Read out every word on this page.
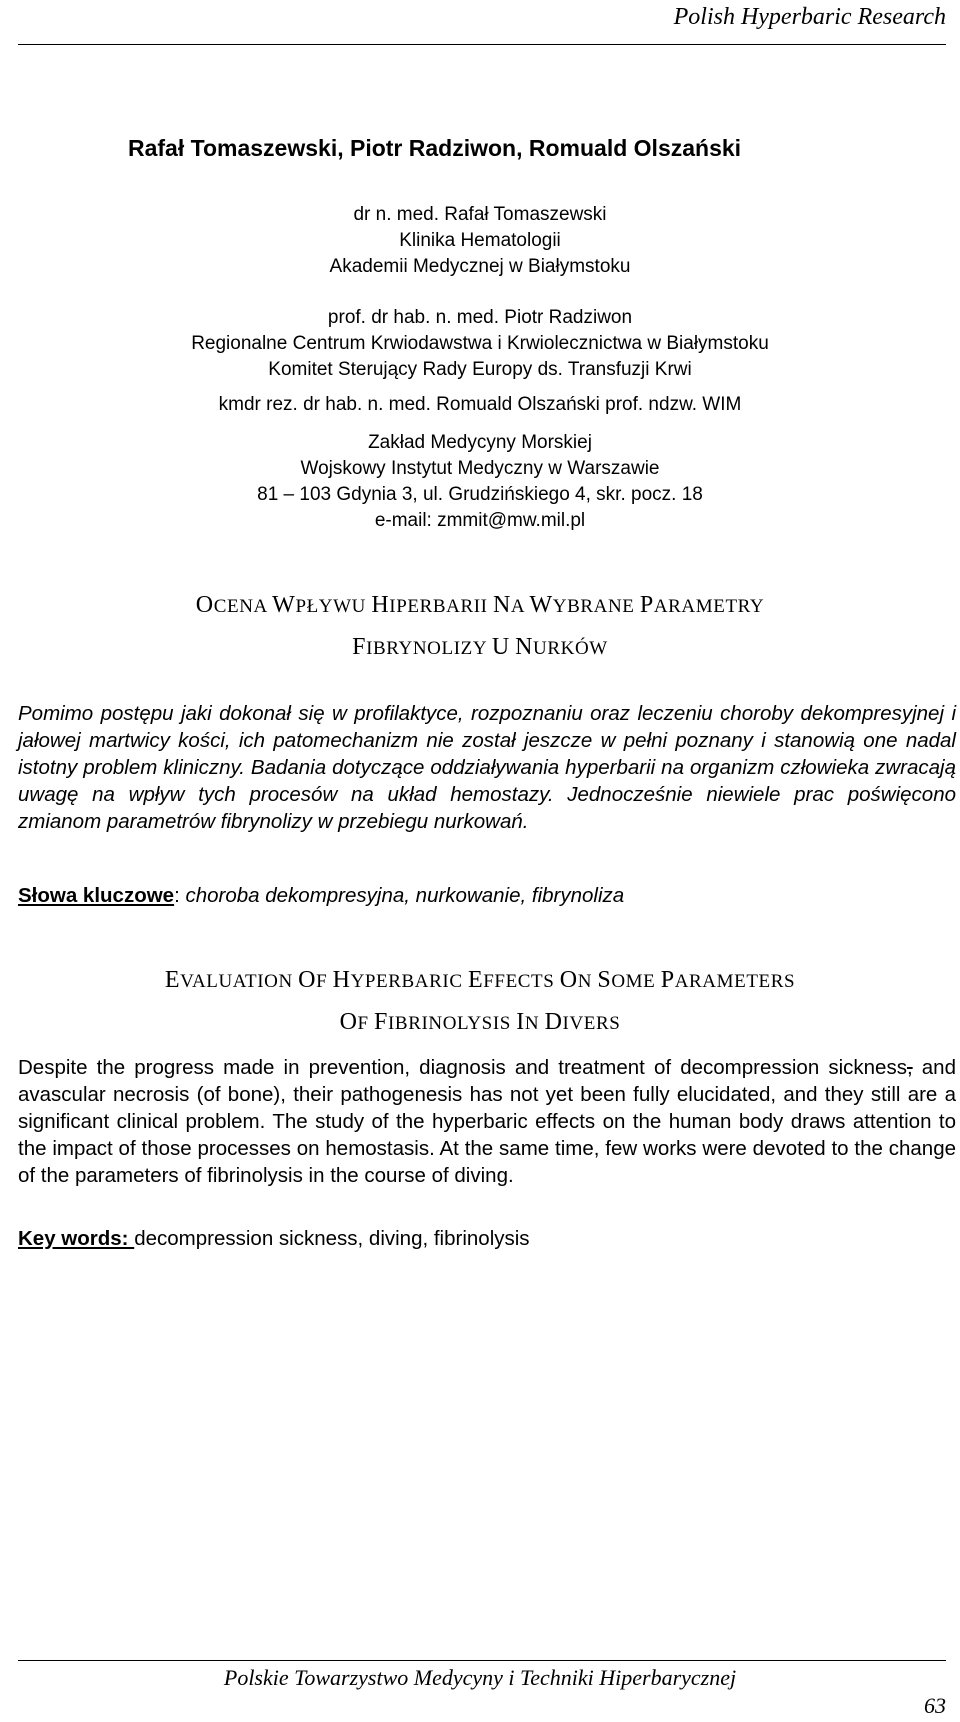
Polish Hyperbaric Research
Rafał Tomaszewski, Piotr Radziwon, Romuald Olszański
dr n. med. Rafał Tomaszewski
Klinika Hematologii
Akademii Medycznej w Białymstoku
prof. dr hab. n. med. Piotr Radziwon
Regionalne Centrum Krwiodawstwa i Krwiolecznictwa w Białymstoku
Komitet Sterujący Rady Europy ds. Transfuzji Krwi
kmdr rez. dr hab. n. med. Romuald Olszański prof. ndzw. WIM
Zakład Medycyny Morskiej
Wojskowy Instytut Medyczny w Warszawie
81 – 103 Gdynia 3, ul. Grudzińskiego 4, skr. pocz. 18
e-mail: zmmit@mw.mil.pl
OCENA WPŁYWU HIPERBARII NA WYBRANE PARAMETRY
FIBRYNOLIZY U NURKÓW
Pomimo postępu jaki dokonał się w profilaktyce, rozpoznaniu oraz leczeniu choroby dekompresyjnej i jałowej martwicy kości, ich patomechanizm nie został jeszcze w pełni poznany i stanowią one nadal istotny problem kliniczny. Badania dotyczące oddziaływania hyperbarii na organizm człowieka zwracają uwagę na wpływ tych procesów na układ hemostazy. Jednocześnie niewiele prac poświęcono zmianom parametrów fibrynolizy w przebiegu nurkowań.
Słowa kluczowe: choroba dekompresyjna, nurkowanie, fibrynoliza
EVALUATION OF HYPERBARIC EFFECTS ON SOME PARAMETERS
OF FIBRINOLYSIS IN DIVERS
Despite the progress made in prevention, diagnosis and treatment of decompression sickness, and avascular necrosis (of bone), their pathogenesis has not yet been fully elucidated, and they still are a significant clinical problem. The study of the hyperbaric effects on the human body draws attention to the impact of those processes on hemostasis. At the same time, few works were devoted to the change of the parameters of fibrinolysis in the course of diving.
Key words: decompression sickness, diving, fibrinolysis
Polskie Towarzystwo Medycyny i Techniki Hiperbarycznej
63
